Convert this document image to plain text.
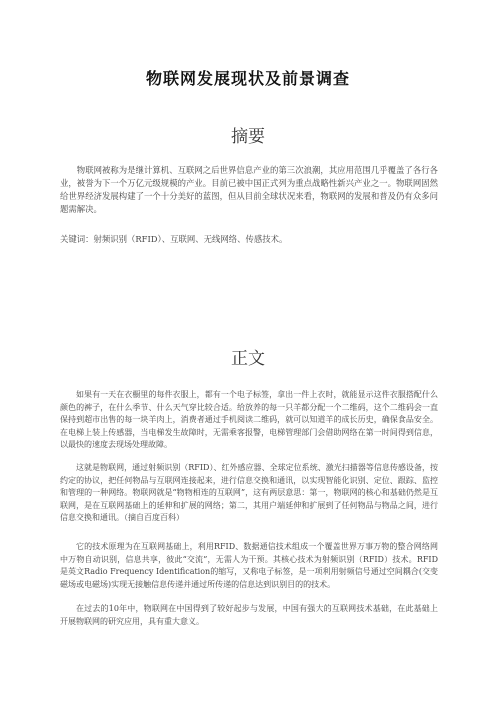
物联网发展现状及前景调查
摘要

物联网被称为是继计算机、互联网之后世界信息产业的第三次浪潮，其应用范围几乎覆盖了各行各业，被誉为下一个万亿元级规模的产业。目前已被中国正式列为重点战略性新兴产业之一。物联网固然给世界经济发展构建了一个十分美好的蓝图，但从目前全球状况来看，物联网的发展和普及仍有众多问题需解决。

关键词：射频识别（RFID）、互联网、无线网络、传感技术。
正文

如果有一天在衣橱里的每件衣服上，都有一个电子标签，拿出一件上衣时，就能显示这件衣服搭配什么颜色的裤子，在什么季节、什么天气穿比较合适。给放养的每一只羊都分配一个二维码，这个二维码会一直保持到超市出售的每一块羊肉上，消费者通过手机阅读二维码，就可以知道羊的成长历史，确保食品安全。在电梯上装上传感器，当电梯发生故障时，无需乘客报警，电梯管理部门会借助网络在第一时间得到信息，以最快的速度去现场处理故障。

这就是物联网，通过射频识别（RFID）、红外感应器、全球定位系统、激光扫描器等信息传感设备，按约定的协议，把任何物品与互联网连接起来，进行信息交换和通讯，以实现智能化识别、定位、跟踪、监控和管理的一种网络。物联网就是“物物相连的互联网”，这有两层意思：第一，物联网的核心和基础仍然是互联网，是在互联网基础上的延伸和扩展的网络；第二，其用户端延伸和扩展到了任何物品与物品之间，进行信息交换和通讯。（摘自百度百科）

它的技术原理为在互联网基础上，利用RFID、数据通信技术组成一个覆盖世界万事万物的整合网络网中万物自动识别，信息共享，彼此“交流”，无需人为干预。其核心技术为射频识别（RFID）技术。RFID是英文Radio Frequency Identification的缩写，又称电子标签，是一项利用射频信号通过空间耦合(交变磁场或电磁场)实现无接触信息传递并通过所传递的信息达到识别目的的技术。

在过去的10年中，物联网在中国得到了较好起步与发展，中国有强大的互联网技术基础，在此基础上开展物联网的研究应用，具有重大意义。
